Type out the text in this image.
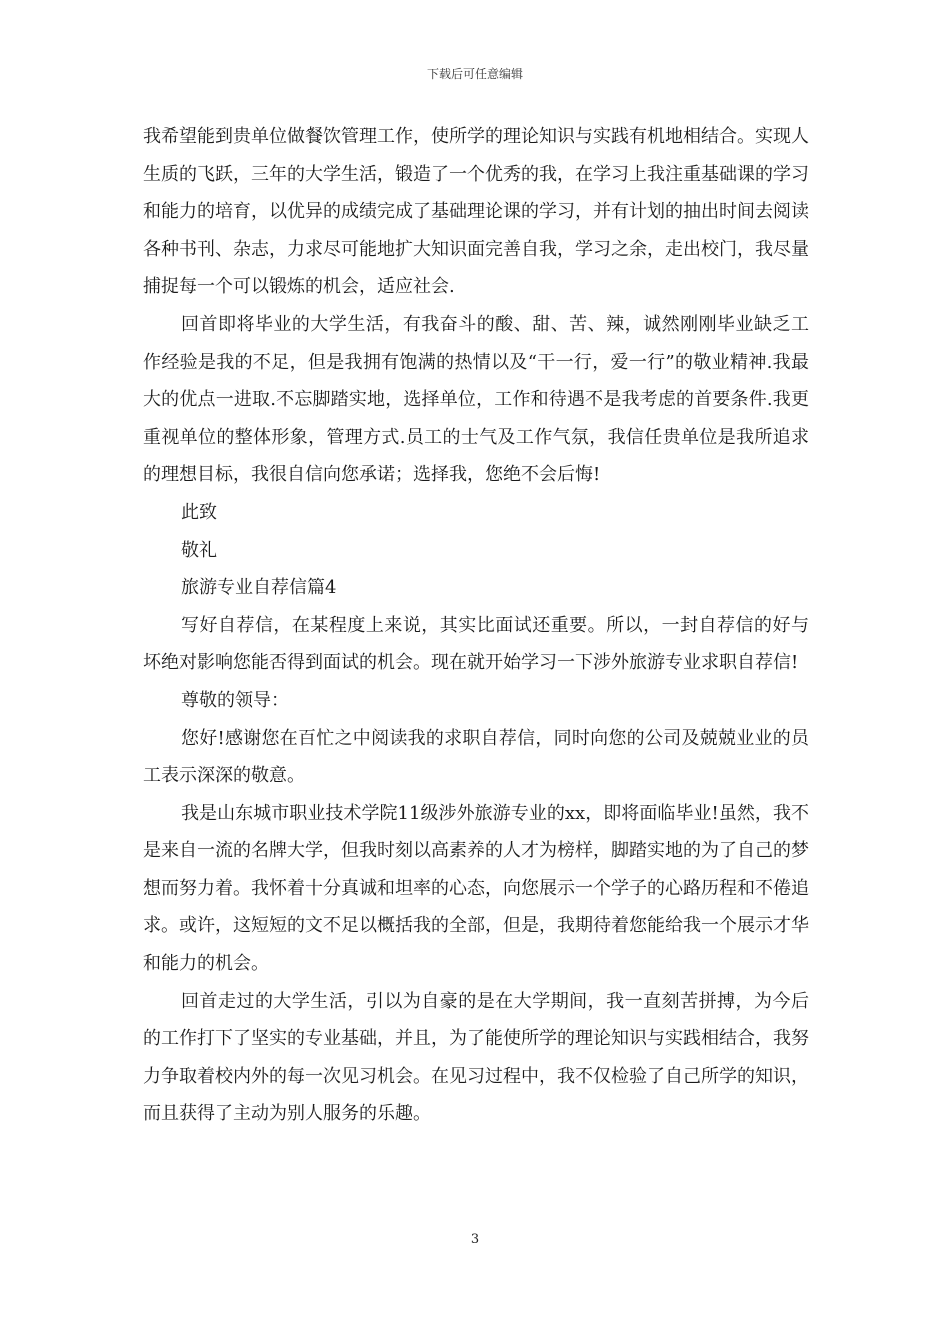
下载后可任意编辑

我希望能到贵单位做餐饮管理工作，使所学的理论知识与实践有机地相结合。实现人生质的飞跃，三年的大学生活，锻造了一个优秀的我，在学习上我注重基础课的学习和能力的培育，以优异的成绩完成了基础理论课的学习，并有计划的抽出时间去阅读各种书刊、杂志，力求尽可能地扩大知识面完善自我，学习之余，走出校门，我尽量捕捉每一个可以锻炼的机会，适应社会.

回首即将毕业的大学生活，有我奋斗的酸、甜、苦、辣，诚然刚刚毕业缺乏工作经验是我的不足，但是我拥有饱满的热情以及“干一行，爱一行”的敬业精神.我最大的优点一进取.不忘脚踏实地，选择单位，工作和待遇不是我考虑的首要条件.我更重视单位的整体形象，管理方式.员工的士气及工作气氛，我信任贵单位是我所追求的理想目标，我很自信向您承诺；选择我，您绝不会后悔!

此致

敬礼

旅游专业自荐信篇4

写好自荐信，在某程度上来说，其实比面试还重要。所以，一封自荐信的好与坏绝对影响您能否得到面试的机会。现在就开始学习一下涉外旅游专业求职自荐信!

尊敬的领导：

您好!感谢您在百忙之中阅读我的求职自荐信，同时向您的公司及兢兢业业的员工表示深深的敬意。

我是山东城市职业技术学院11级涉外旅游专业的xx，即将面临毕业!虽然，我不是来自一流的名牌大学，但我时刻以高素养的人才为榜样，脚踏实地的为了自己的梦想而努力着。我怀着十分真诚和坦率的心态，向您展示一个学子的心路历程和不倦追求。或许，这短短的文不足以概括我的全部，但是，我期待着您能给我一个展示才华和能力的机会。

回首走过的大学生活，引以为自豪的是在大学期间，我一直刻苦拼搏，为今后的工作打下了坚实的专业基础，并且，为了能使所学的理论知识与实践相结合，我努力争取着校内外的每一次见习机会。在见习过程中，我不仅检验了自己所学的知识，而且获得了主动为别人服务的乐趣。

3
